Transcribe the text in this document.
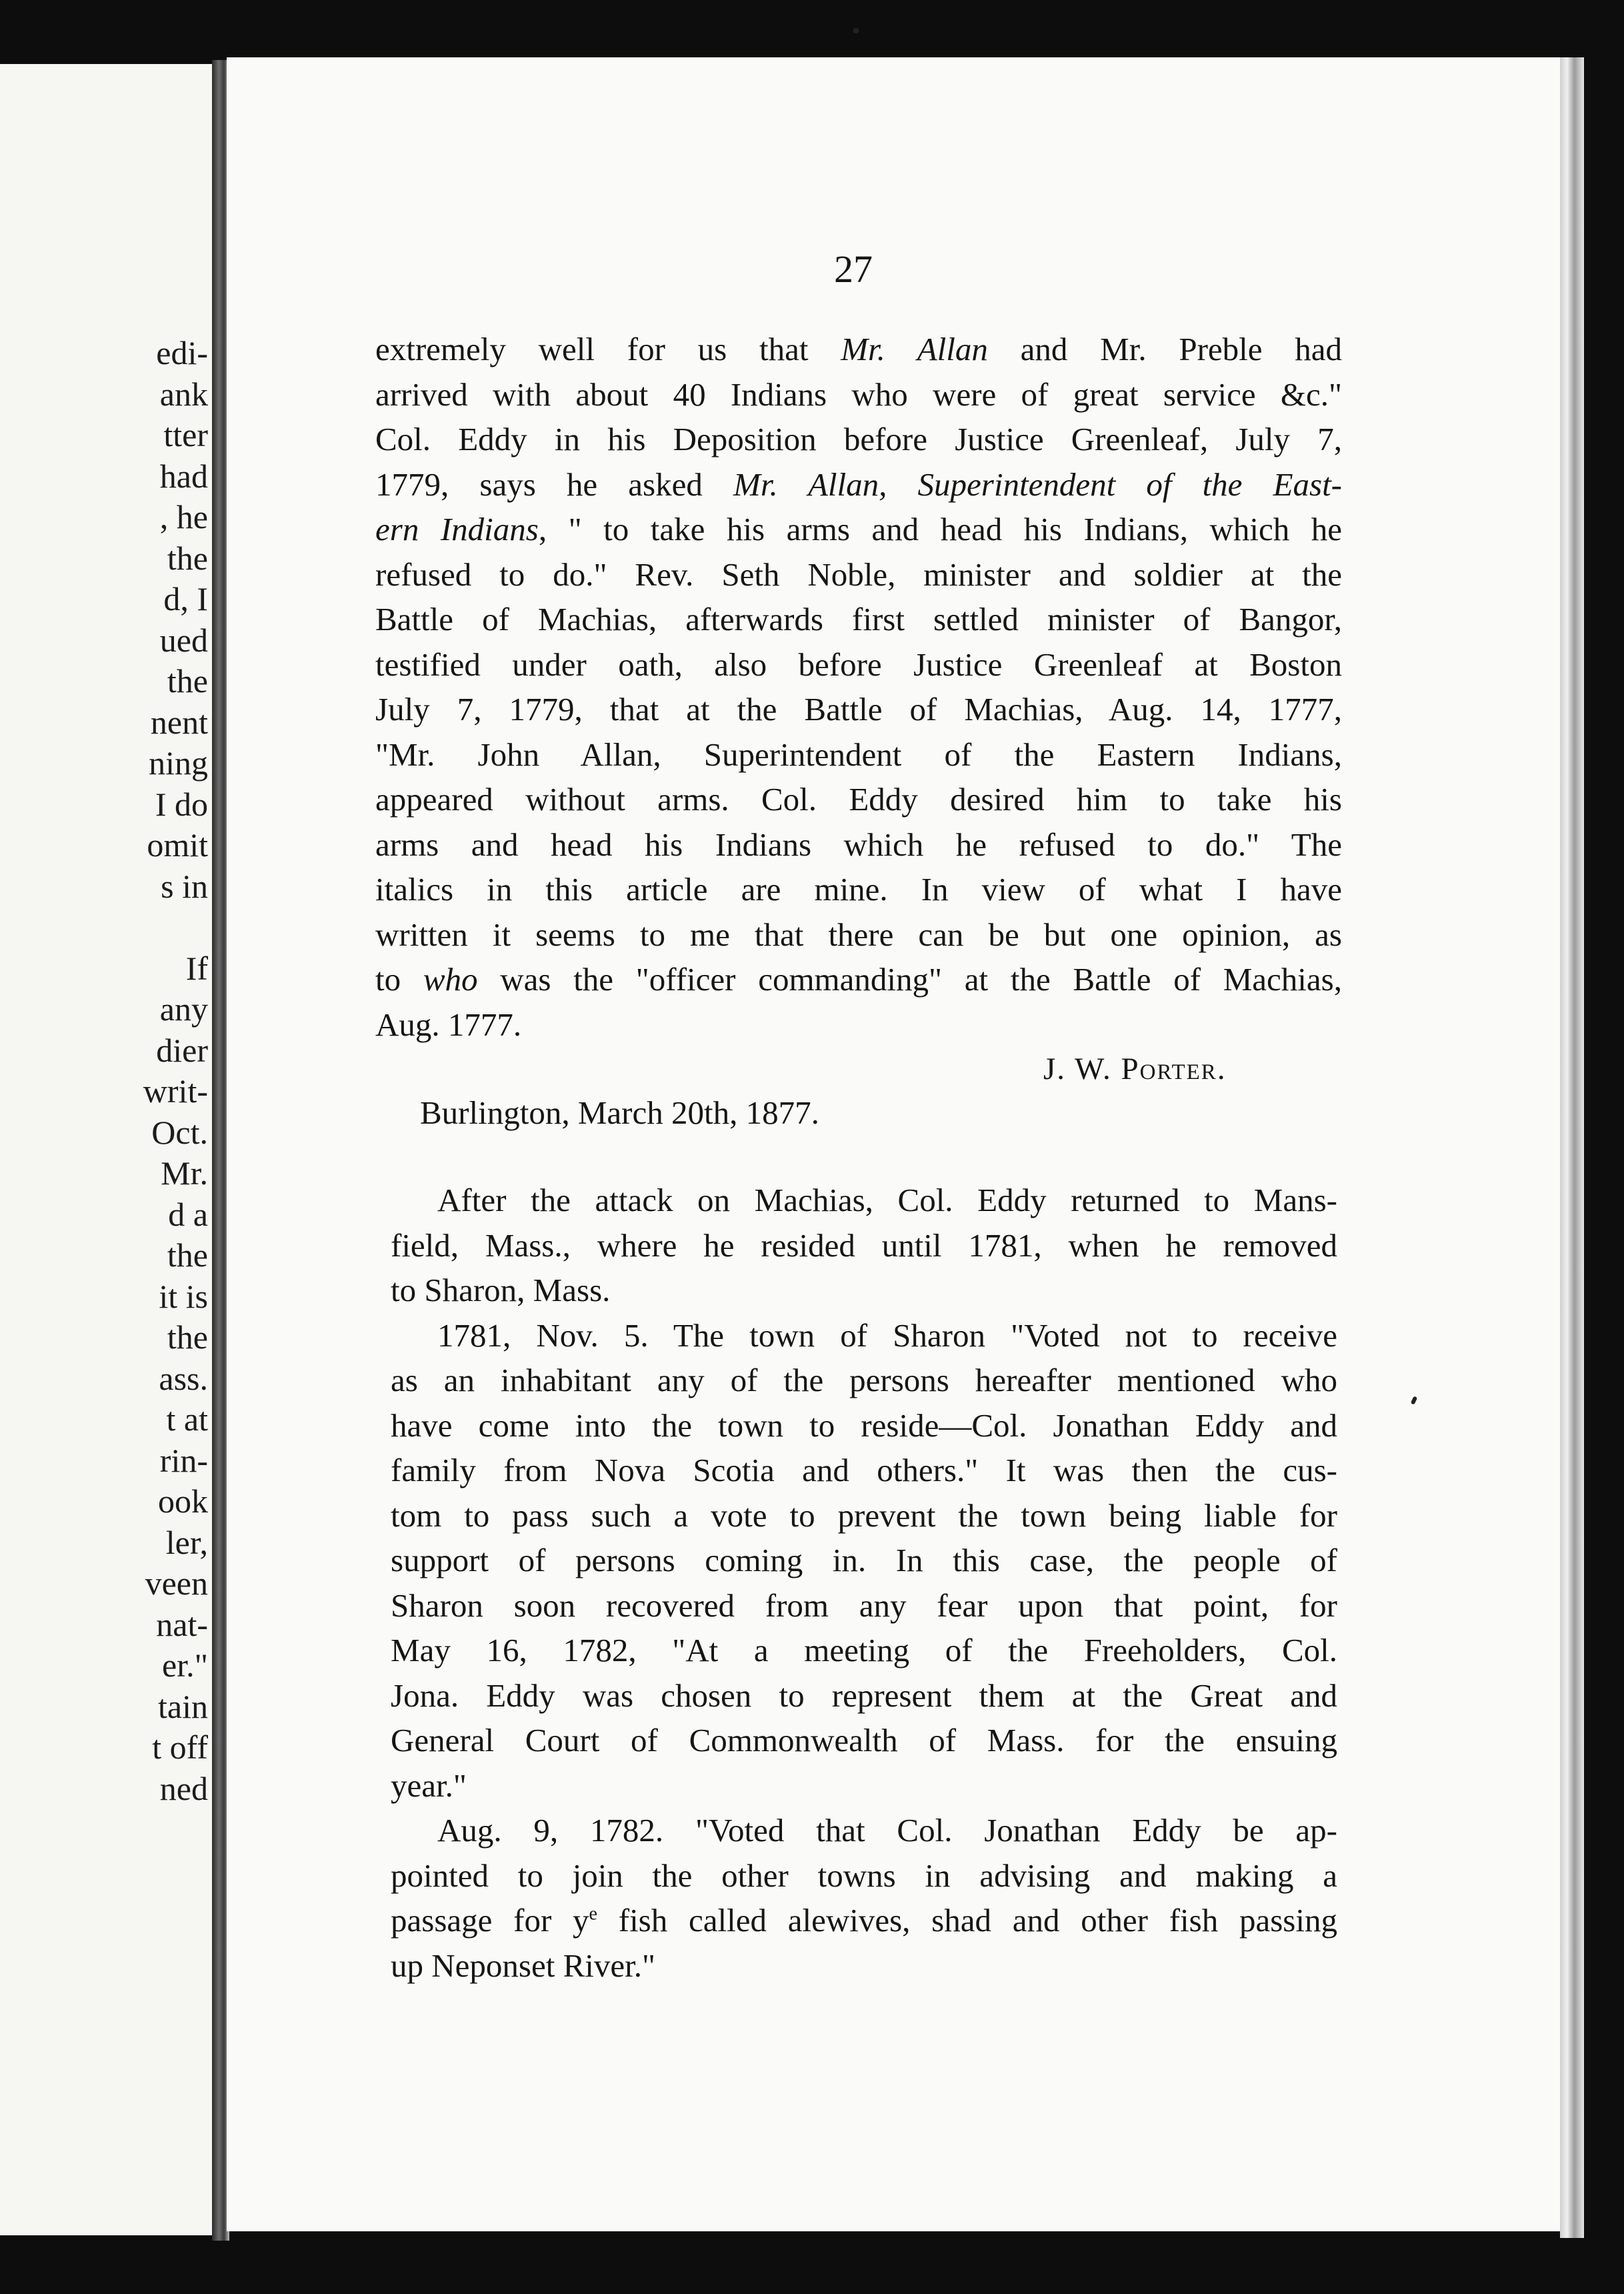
edi-
ank
tter
had
, he
the
d, I
ued
the
nent
ning
I do
omit
s in

If
any
dier
writ-
Oct.
Mr.
d a
the
it is
the
ass.
t at
rin-
ook
ler,
veen
nat-
er."
tain
t off
ned
27
extremely well for us that Mr. Allan and Mr. Preble had
arrived with about 40 Indians who were of great service &c."
Col. Eddy in his Deposition before Justice Greenleaf, July 7,
1779, says he asked Mr. Allan, Superintendent of the East-
ern Indians, " to take his arms and head his Indians, which he
refused to do." Rev. Seth Noble, minister and soldier at the
Battle of Machias, afterwards first settled minister of Bangor,
testified under oath, also before Justice Greenleaf at Boston
July 7, 1779, that at the Battle of Machias, Aug. 14, 1777,
"Mr. John Allan, Superintendent of the Eastern Indians,
appeared without arms. Col. Eddy desired him to take his
arms and head his Indians which he refused to do." The
italics in this article are mine. In view of what I have
written it seems to me that there can be but one opinion, as
to who was the "officer commanding" at the Battle of Machias,
Aug. 1777.
J. W. Porter.
Burlington, March 20th, 1877.
After the attack on Machias, Col. Eddy returned to Mans-
field, Mass., where he resided until 1781, when he removed
to Sharon, Mass.
1781, Nov. 5. The town of Sharon "Voted not to receive
as an inhabitant any of the persons hereafter mentioned who
have come into the town to reside—Col. Jonathan Eddy and
family from Nova Scotia and others." It was then the cus-
tom to pass such a vote to prevent the town being liable for
support of persons coming in. In this case, the people of
Sharon soon recovered from any fear upon that point, for
May 16, 1782, "At a meeting of the Freeholders, Col.
Jona. Eddy was chosen to represent them at the Great and
General Court of Commonwealth of Mass. for the ensuing
year."
Aug. 9, 1782. "Voted that Col. Jonathan Eddy be ap-
pointed to join the other towns in advising and making a
passage for $y^e$ fish called alewives, shad and other fish passing
up Neponset River."
